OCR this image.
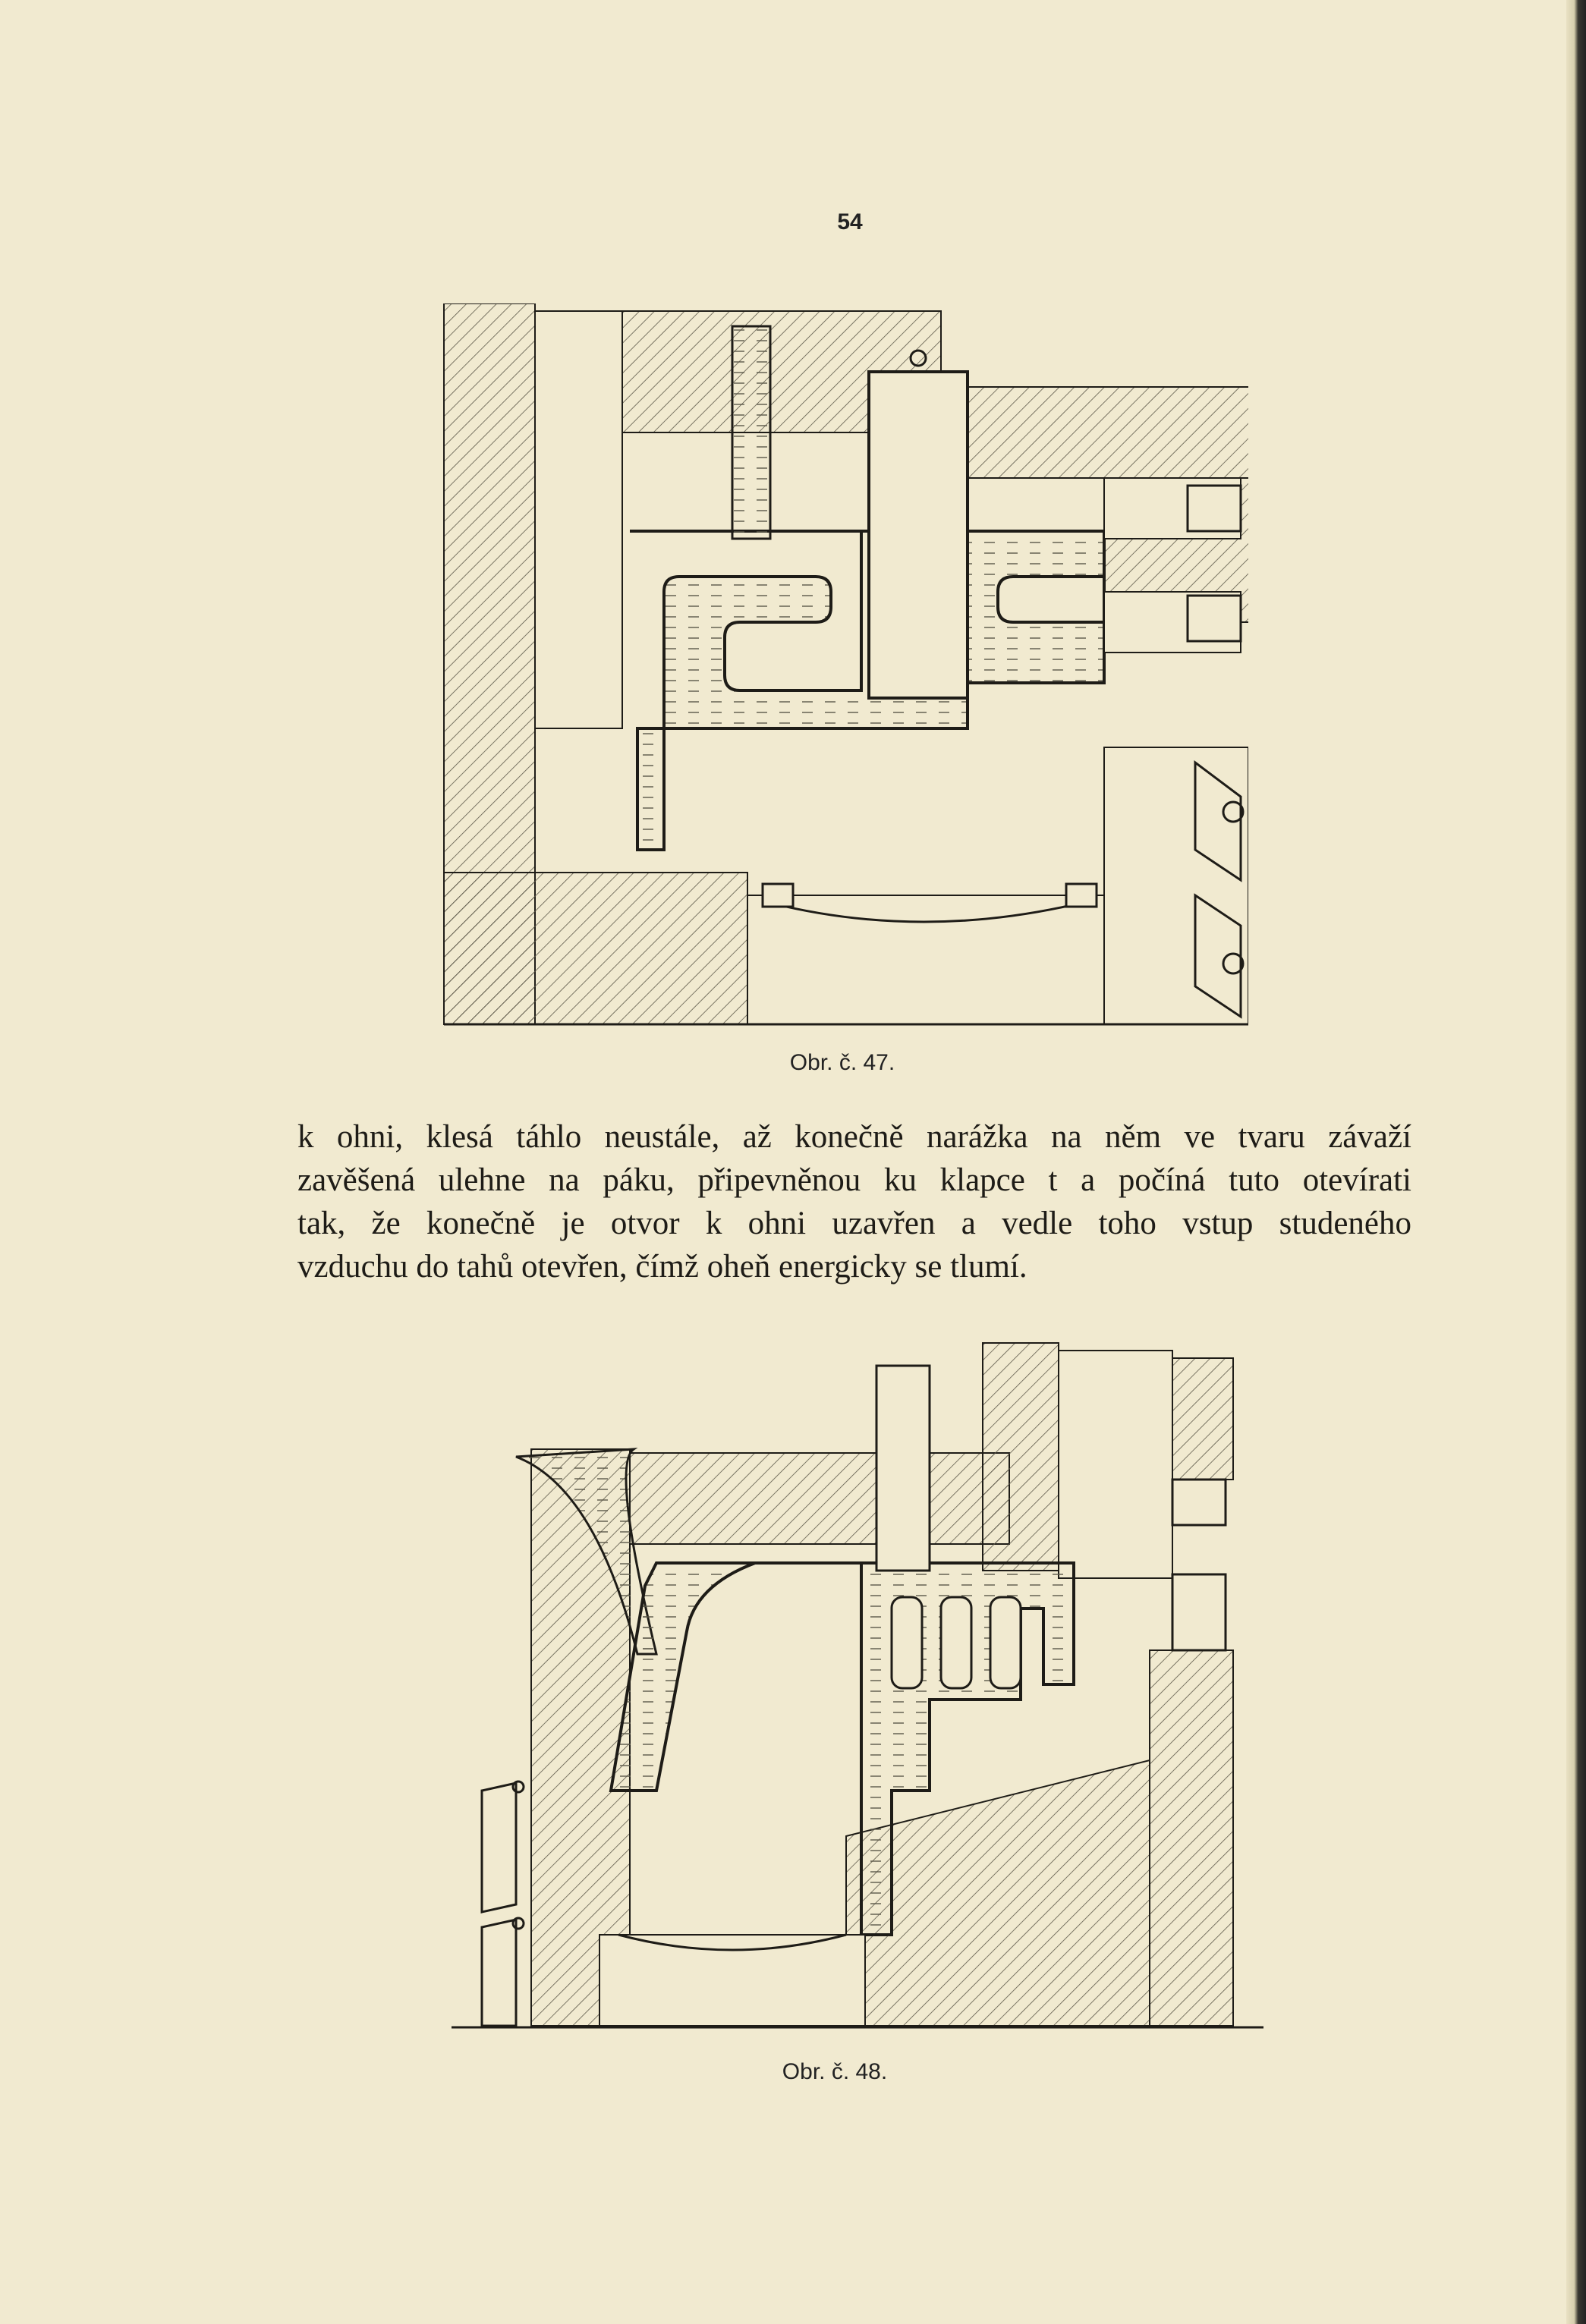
54
Obr. č. 47.
k ohni, klesá táhlo neustále, až konečně narážka na něm ve tvaru závaží
zavěšená ulehne na páku, připevněnou ku klapce t a počíná tuto otevírati
tak, že konečně je otvor k ohni uzavřen a vedle toho vstup studeného
vzduchu do tahů otevřen, čímž oheň energicky se tlumí.
Obr. č. 48.
